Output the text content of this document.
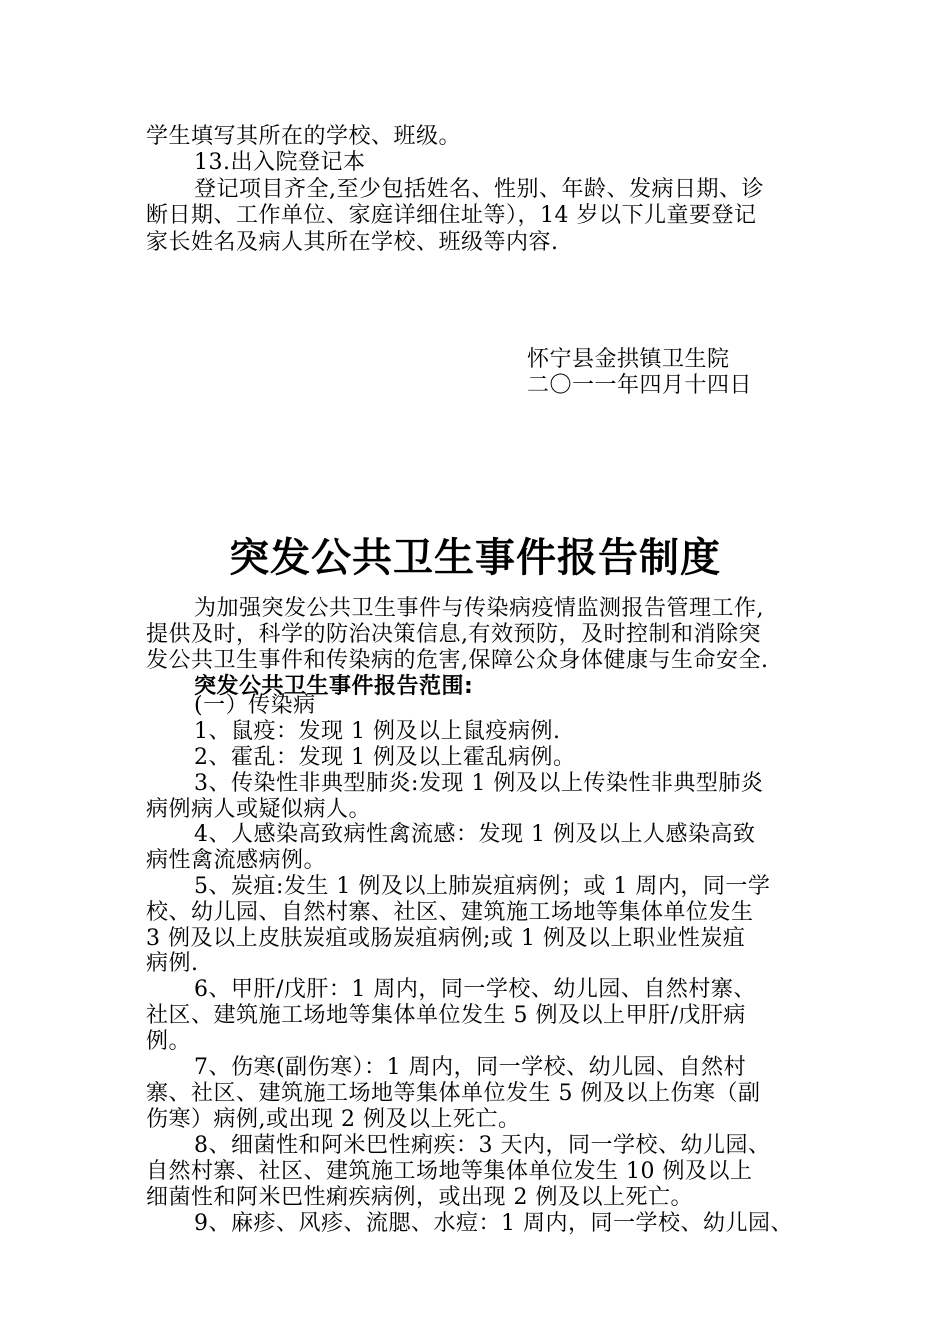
学生填写其所在的学校、班级。
13.出入院登记本
登记项目齐全,至少包括姓名、性别、年龄、发病日期、诊
断日期、工作单位、家庭详细住址等），14 岁以下儿童要登记
家长姓名及病人其所在学校、班级等内容.
怀宁县金拱镇卫生院
二〇一一年四月十四日
突发公共卫生事件报告制度
为加强突发公共卫生事件与传染病疫情监测报告管理工作,
提供及时，科学的防治决策信息,有效预防，及时控制和消除突
发公共卫生事件和传染病的危害,保障公众身体健康与生命安全.
突发公共卫生事件报告范围:
(一）传染病
1、鼠疫：发现 1 例及以上鼠疫病例.
2、霍乱：发现 1 例及以上霍乱病例。
3、传染性非典型肺炎:发现 1 例及以上传染性非典型肺炎
病例病人或疑似病人。
4、人感染高致病性禽流感：发现 1 例及以上人感染高致
病性禽流感病例。
5、炭疽:发生 1 例及以上肺炭疽病例；或 1 周内，同一学
校、幼儿园、自然村寨、社区、建筑施工场地等集体单位发生
3 例及以上皮肤炭疽或肠炭疽病例;或 1 例及以上职业性炭疽
病例.
6、甲肝/戊肝：1 周内，同一学校、幼儿园、自然村寨、
社区、建筑施工场地等集体单位发生 5 例及以上甲肝/戊肝病
例。
7、伤寒(副伤寒）：1 周内，同一学校、幼儿园、自然村
寨、社区、建筑施工场地等集体单位发生 5 例及以上伤寒（副
伤寒）病例,或出现 2 例及以上死亡。
8、细菌性和阿米巴性痢疾：3 天内，同一学校、幼儿园、
自然村寨、社区、建筑施工场地等集体单位发生 10 例及以上
细菌性和阿米巴性痢疾病例，或出现 2 例及以上死亡。
9、麻疹、风疹、流腮、水痘：1 周内，同一学校、幼儿园、
